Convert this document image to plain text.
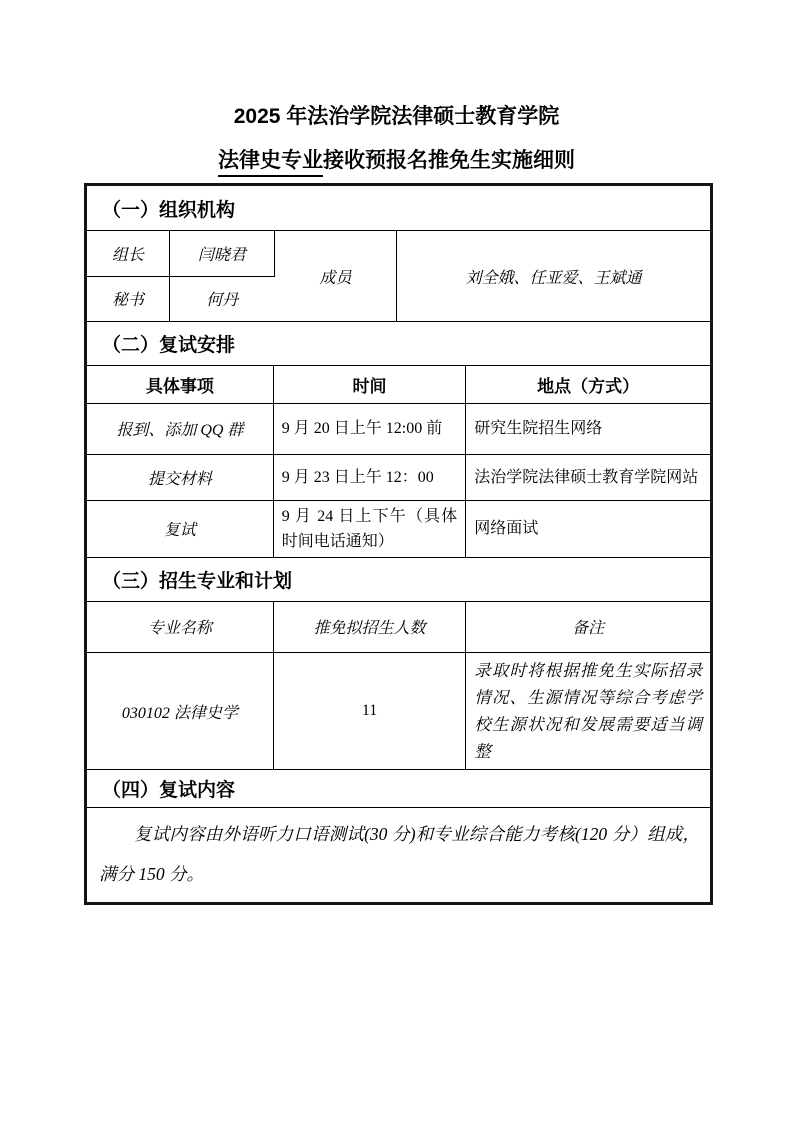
2025 年法治学院法律硕士教育学院
法律史专业接收预报名推免生实施细则
（一）组织机构
组长	闫晓君	成员	刘全娥、任亚爱、王斌通
秘书	何丹		
（二）复试安排
具体事项	时间	地点（方式）
报到、添加 QQ 群	9 月 20 日上午 12:00 前	研究生院招生网络
提交材料	9 月 23 日上午 12：00	法治学院法律硕士教育学院网站
复试	9 月 24 日上下午（具体时间电话通知）	网络面试
（三）招生专业和计划
专业名称	推免拟招生人数	备注
030102 法律史学	11	录取时将根据推免生实际招录情况、生源情况等综合考虑学校生源状况和发展需要适当调整
（四）复试内容
复试内容由外语听力口语测试(30 分)和专业综合能力考核(120 分）组成，满分 150 分。
